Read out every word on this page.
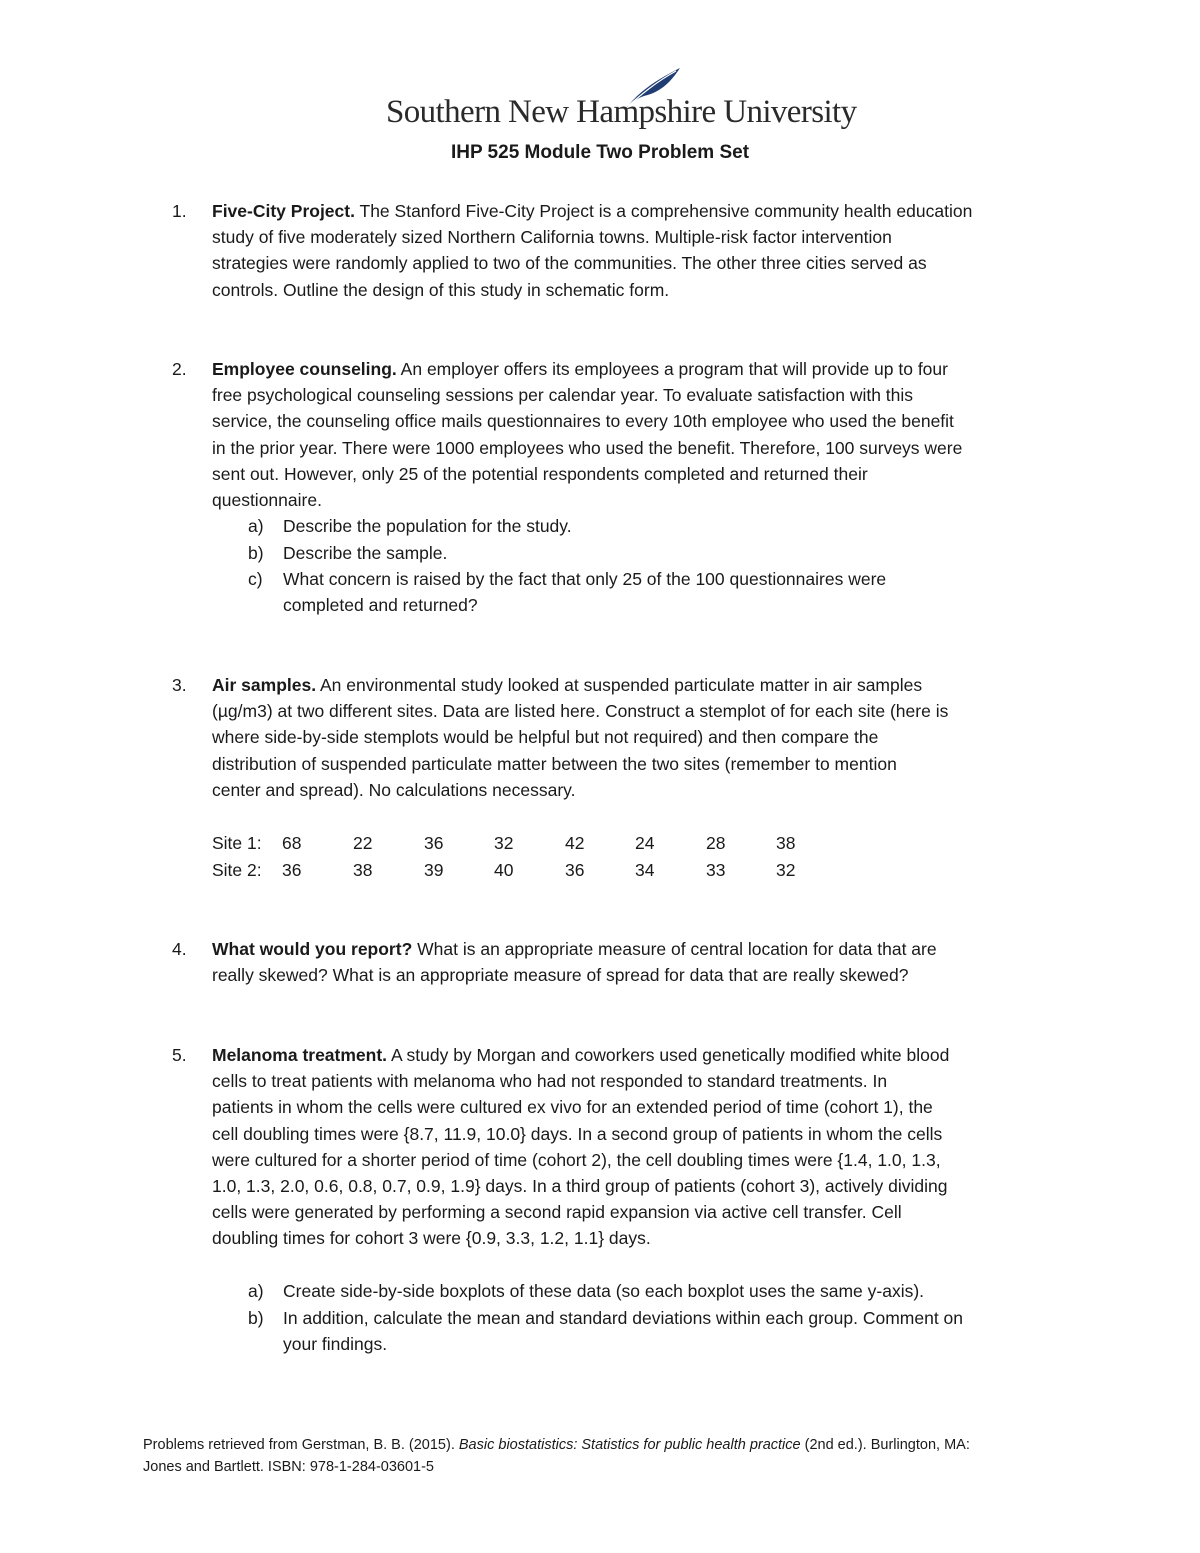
Southern New Hampshire University
IHP 525 Module Two Problem Set
1. Five-City Project. The Stanford Five-City Project is a comprehensive community health education
study of five moderately sized Northern California towns. Multiple-risk factor intervention
strategies were randomly applied to two of the communities. The other three cities served as
controls. Outline the design of this study in schematic form.
2. Employee counseling. An employer offers its employees a program that will provide up to four
free psychological counseling sessions per calendar year. To evaluate satisfaction with this
service, the counseling office mails questionnaires to every 10th employee who used the benefit
in the prior year. There were 1000 employees who used the benefit. Therefore, 100 surveys were
sent out. However, only 25 of the potential respondents completed and returned their
questionnaire.
a) Describe the population for the study.
b) Describe the sample.
c) What concern is raised by the fact that only 25 of the 100 questionnaires were
completed and returned?
3. Air samples. An environmental study looked at suspended particulate matter in air samples
(µg/m3) at two different sites. Data are listed here. Construct a stemplot of for each site (here is
where side-by-side stemplots would be helpful but not required) and then compare the
distribution of suspended particulate matter between the two sites (remember to mention
center and spread). No calculations necessary.
Site 1: 68	22	36	32	42	24	28	38
Site 2: 36	38	39	40	36	34	33	32
4. What would you report? What is an appropriate measure of central location for data that are
really skewed? What is an appropriate measure of spread for data that are really skewed?
5. Melanoma treatment. A study by Morgan and coworkers used genetically modified white blood
cells to treat patients with melanoma who had not responded to standard treatments. In
patients in whom the cells were cultured ex vivo for an extended period of time (cohort 1), the
cell doubling times were {8.7, 11.9, 10.0} days. In a second group of patients in whom the cells
were cultured for a shorter period of time (cohort 2), the cell doubling times were {1.4, 1.0, 1.3,
1.0, 1.3, 2.0, 0.6, 0.8, 0.7, 0.9, 1.9} days. In a third group of patients (cohort 3), actively dividing
cells were generated by performing a second rapid expansion via active cell transfer. Cell
doubling times for cohort 3 were {0.9, 3.3, 1.2, 1.1} days.
a) Create side-by-side boxplots of these data (so each boxplot uses the same y-axis).
b) In addition, calculate the mean and standard deviations within each group. Comment on
your findings.
Problems retrieved from Gerstman, B. B. (2015). Basic biostatistics: Statistics for public health practice (2nd ed.). Burlington, MA:
Jones and Bartlett. ISBN: 978-1-284-03601-5
